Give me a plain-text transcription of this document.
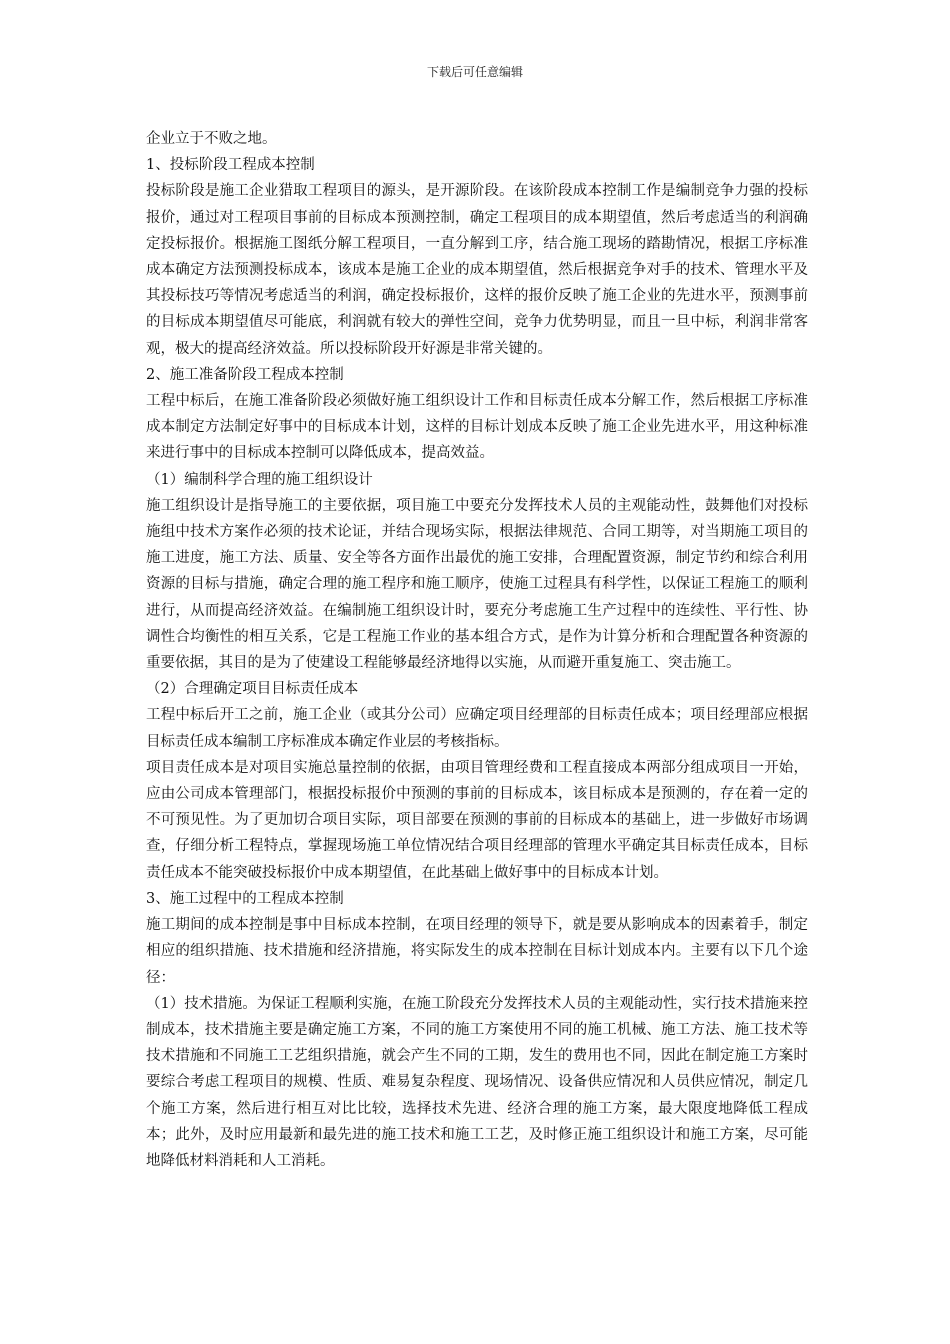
下载后可任意编辑

企业立于不败之地。

1、投标阶段工程成本控制

投标阶段是施工企业猎取工程项目的源头，是开源阶段。在该阶段成本控制工作是编制竞争力强的投标报价，通过对工程项目事前的目标成本预测控制，确定工程项目的成本期望值，然后考虑适当的利润确定投标报价。根据施工图纸分解工程项目，一直分解到工序，结合施工现场的踏勘情况，根据工序标准成本确定方法预测投标成本，该成本是施工企业的成本期望值，然后根据竞争对手的技术、管理水平及其投标技巧等情况考虑适当的利润，确定投标报价，这样的报价反映了施工企业的先进水平，预测事前的目标成本期望值尽可能底，利润就有较大的弹性空间，竞争力优势明显，而且一旦中标，利润非常客观，极大的提高经济效益。所以投标阶段开好源是非常关键的。

2、施工准备阶段工程成本控制

工程中标后，在施工准备阶段必须做好施工组织设计工作和目标责任成本分解工作，然后根据工序标准成本制定方法制定好事中的目标成本计划，这样的目标计划成本反映了施工企业先进水平，用这种标准来进行事中的目标成本控制可以降低成本，提高效益。

（1）编制科学合理的施工组织设计

施工组织设计是指导施工的主要依据，项目施工中要充分发挥技术人员的主观能动性，鼓舞他们对投标施组中技术方案作必须的技术论证，并结合现场实际，根据法律规范、合同工期等，对当期施工项目的施工进度，施工方法、质量、安全等各方面作出最优的施工安排，合理配置资源，制定节约和综合利用资源的目标与措施，确定合理的施工程序和施工顺序，使施工过程具有科学性，以保证工程施工的顺利进行，从而提高经济效益。在编制施工组织设计时，要充分考虑施工生产过程中的连续性、平行性、协调性合均衡性的相互关系，它是工程施工作业的基本组合方式，是作为计算分析和合理配置各种资源的重要依据，其目的是为了使建设工程能够最经济地得以实施，从而避开重复施工、突击施工。

（2）合理确定项目目标责任成本

工程中标后开工之前，施工企业（或其分公司）应确定项目经理部的目标责任成本；项目经理部应根据目标责任成本编制工序标准成本确定作业层的考核指标。

项目责任成本是对项目实施总量控制的依据，由项目管理经费和工程直接成本两部分组成项目一开始，应由公司成本管理部门，根据投标报价中预测的事前的目标成本，该目标成本是预测的，存在着一定的不可预见性。为了更加切合项目实际，项目部要在预测的事前的目标成本的基础上，进一步做好市场调查，仔细分析工程特点，掌握现场施工单位情况结合项目经理部的管理水平确定其目标责任成本，目标责任成本不能突破投标报价中成本期望值，在此基础上做好事中的目标成本计划。

3、施工过程中的工程成本控制

施工期间的成本控制是事中目标成本控制，在项目经理的领导下，就是要从影响成本的因素着手，制定相应的组织措施、技术措施和经济措施，将实际发生的成本控制在目标计划成本内。主要有以下几个途径：

（1）技术措施。为保证工程顺利实施，在施工阶段充分发挥技术人员的主观能动性，实行技术措施来控制成本，技术措施主要是确定施工方案，不同的施工方案使用不同的施工机械、施工方法、施工技术等技术措施和不同施工工艺组织措施，就会产生不同的工期，发生的费用也不同，因此在制定施工方案时要综合考虑工程项目的规模、性质、难易复杂程度、现场情况、设备供应情况和人员供应情况，制定几个施工方案，然后进行相互对比比较，选择技术先进、经济合理的施工方案，最大限度地降低工程成本；此外，及时应用最新和最先进的施工技术和施工工艺，及时修正施工组织设计和施工方案，尽可能地降低材料消耗和人工消耗。
